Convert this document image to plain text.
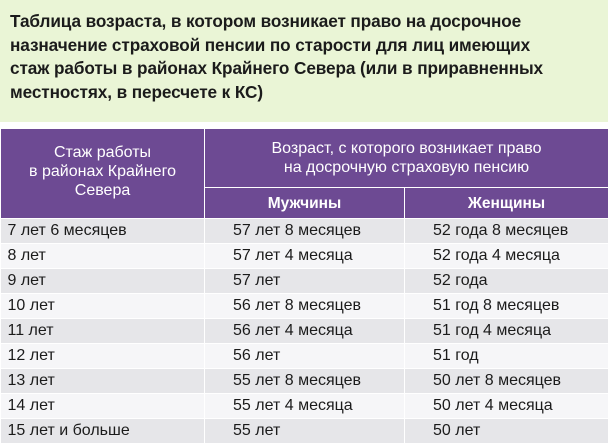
Таблица возраста, в котором возникает право на досрочное
назначение страховой пенсии по старости для лиц имеющих
стаж работы в районах Крайнего Севера (или в приравненных
местностях, в пересчете к КС)

Стаж работы
в районах Крайнего
Севера	Возраст, с которого возникает право
на досрочную страховую пенсию	
	Мужчины	Женщины
7 лет 6 месяцев	57 лет 8 месяцев	52 года 8 месяцев
8 лет	57 лет 4 месяца	52 года 4 месяца
9 лет	57 лет	52 года
10 лет	56 лет 8 месяцев	51 год 8 месяцев
11 лет	56 лет 4 месяца	51 год 4 месяца
12 лет	56 лет	51 год
13 лет	55 лет 8 месяцев	50 лет 8 месяцев
14 лет	55 лет 4 месяца	50 лет 4 месяца
15 лет и больше	55 лет	50 лет
